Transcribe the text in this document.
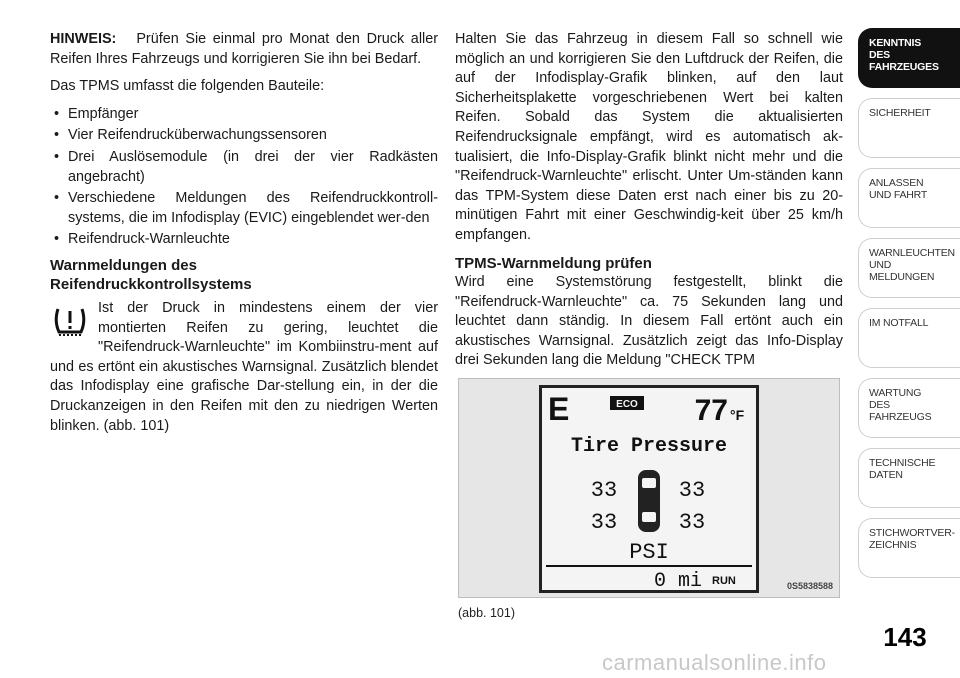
HINWEIS: Prüfen Sie einmal pro Monat den Druck aller Reifen Ihres Fahrzeugs und korrigieren Sie ihn bei Bedarf.

Das TPMS umfasst die folgenden Bauteile:

• Empfänger
• Vier Reifendrucküberwachungssensoren
• Drei Auslösemodule (in drei der vier Radkästen angebracht)
• Verschiedene Meldungen des Reifendruckkontroll-systems, die im Infodisplay (EVIC) eingeblendet wer-den
• Reifendruck-Warnleuchte
Warnmeldungen des
Reifendruckkontrollsystems
Ist der Druck in mindestens einem der vier montierten Reifen zu gering, leuchtet die "Reifendruck-Warnleuchte" im Kombiinstru-ment auf und es ertönt ein akustisches Warnsignal. Zusätzlich blendet das Infodisplay eine grafische Dar-stellung ein, in der die Druckanzeigen in den Reifen mit den zu niedrigen Werten blinken. (abb. 101)

Halten Sie das Fahrzeug in diesem Fall so schnell wie möglich an und korrigieren Sie den Luftdruck der Reifen, die auf der Infodisplay-Grafik blinken, auf den laut Sicherheitsplakette vorgeschriebenen Wert bei kalten Reifen. Sobald das System die aktualisierten Reifendrucksignale empfängt, wird es automatisch ak-tualisiert, die Info-Display-Grafik blinkt nicht mehr und die "Reifendruck-Warnleuchte" erlischt. Unter Um-ständen kann das TPM-System diese Daten erst nach einer bis zu 20-minütigen Fahrt mit einer Geschwindig-keit über 25 km/h empfangen.

TPMS-Warnmeldung prüfen

Wird eine Systemstörung festgestellt, blinkt die "Reifendruck-Warnleuchte" ca. 75 Sekunden lang und leuchtet dann ständig. In diesem Fall ertönt auch ein akustisches Warnsignal. Zusätzlich zeigt das Info-Display drei Sekunden lang die Meldung "CHECK TPM

E	ECO 77 °F
Tire Pressure
33	33
33	33
PSI
0 mi RUN	0S5838588
(abb. 101)
KENNTNIS
DES
FAHRZEUGES
SICHERHEIT
ANLASSEN
UND FAHRT
WARNLEUCHTEN
UND
MELDUNGEN
IM NOTFALL
WARTUNG
DES
FAHRZEUGS
TECHNISCHE
DATEN
STICHWORTVER-
ZEICHNIS
143
carmanualsonline.info
